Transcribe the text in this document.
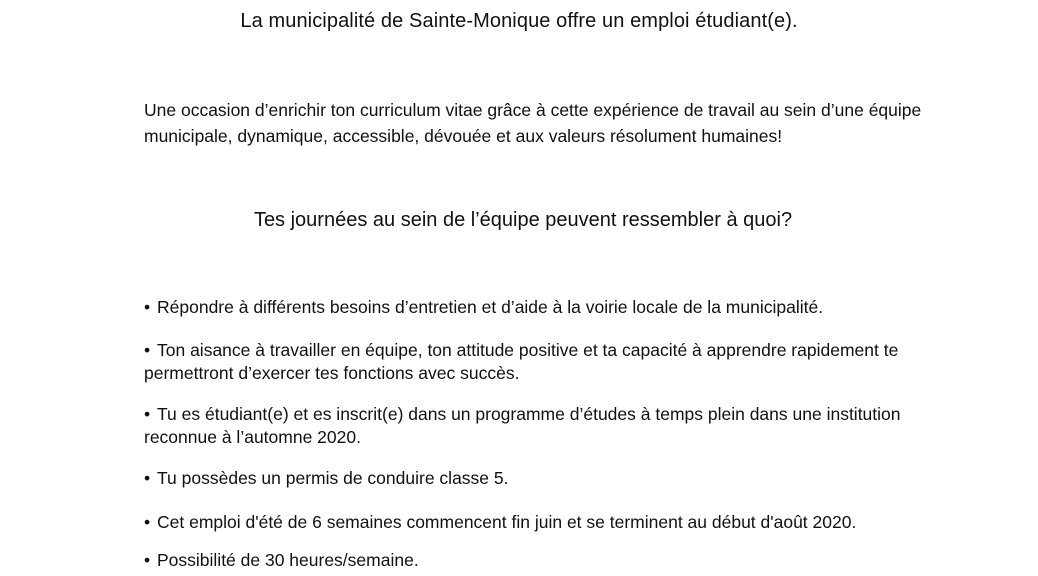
La municipalité de Sainte-Monique offre un emploi étudiant(e).
Une occasion d’enrichir ton curriculum vitae grâce à cette expérience de travail au sein d’une équipe municipale, dynamique, accessible, dévouée et aux valeurs résolument humaines!
Tes journées au sein de l’équipe peuvent ressembler à quoi?
• Répondre à différents besoins d’entretien et d’aide à la voirie locale de la municipalité.
• Ton aisance à travailler en équipe, ton attitude positive et ta capacité à apprendre rapidement te permettront d’exercer tes fonctions avec succès.
• Tu es étudiant(e) et es inscrit(e) dans un programme d’études à temps plein dans une institution reconnue à l’automne 2020.
• Tu possèdes un permis de conduire classe 5.
• Cet emploi d'été de 6 semaines commencent fin juin et se terminent au début d'août 2020.
• Possibilité de 30 heures/semaine.
